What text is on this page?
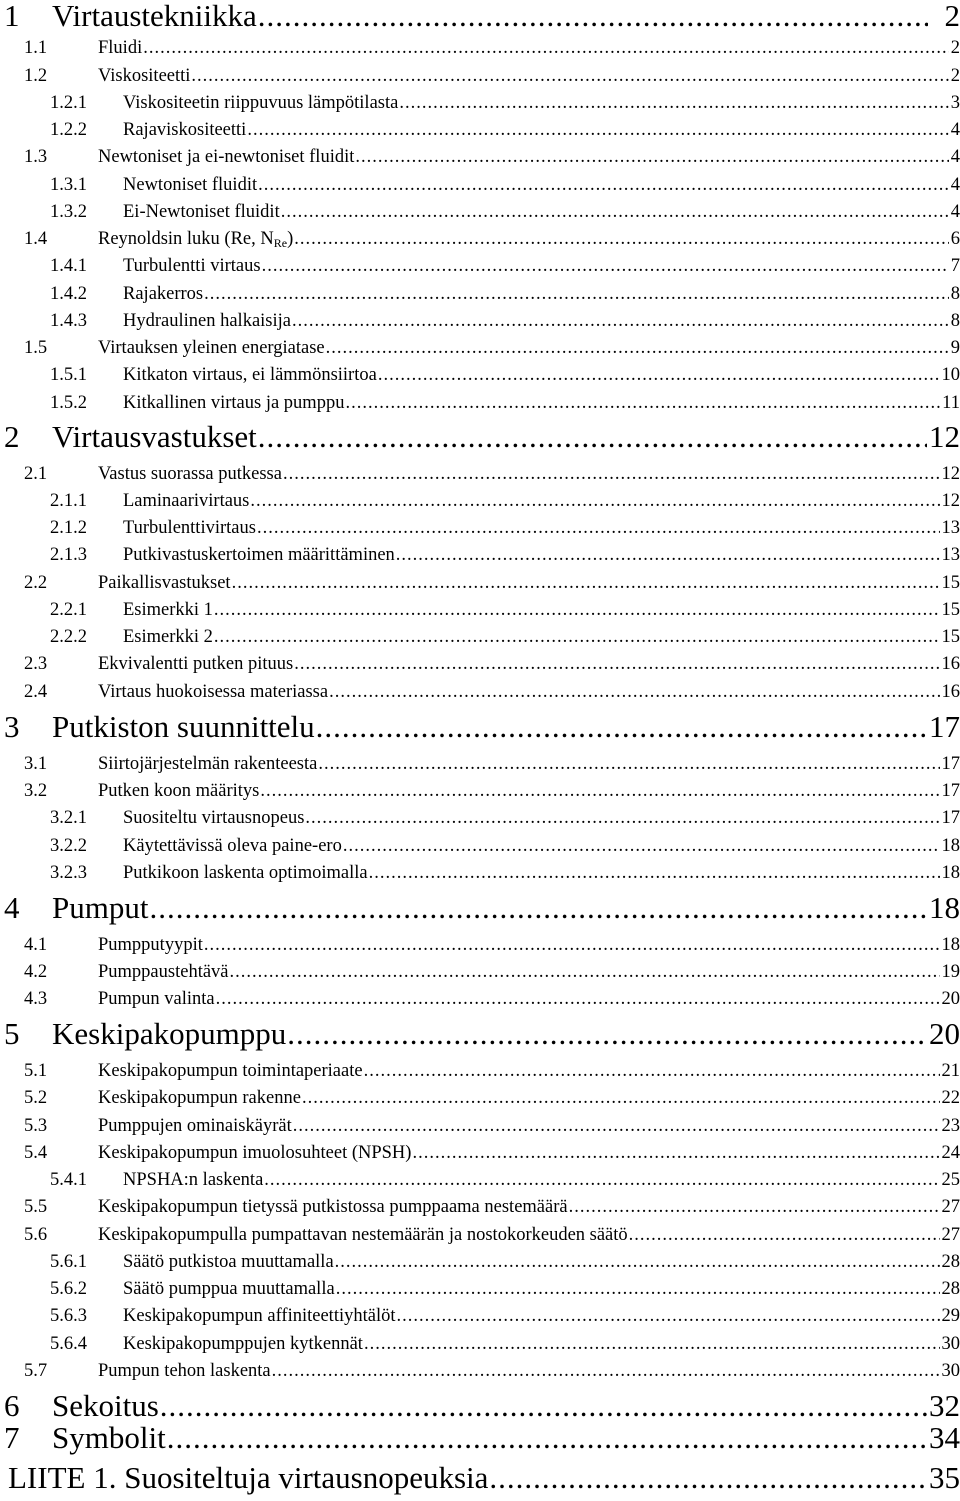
1	Virtaustekniikka .....	2
1.1	Fluidi .....	2
1.2	Viskositeetti .....	2
1.2.1	Viskositeetin riippuvuus lämpötilasta .....	3
1.2.2	Rajaviskositeetti .....	4
1.3	Newtoniset ja ei-newtoniset fluidit .....	4
1.3.1	Newtoniset fluidit .....	4
1.3.2	Ei-Newtoniset fluidit .....	4
1.4	Reynoldsin luku (Re, $N_{Re}$) .....	6
1.4.1	Turbulentti virtaus .....	7
1.4.2	Rajakerros .....	8
1.4.3	Hydraulinen halkaisija .....	8
1.5	Virtauksen yleinen energiatase .....	9
1.5.1	Kitkaton virtaus, ei lämmönsiirtoa .....	10
1.5.2	Kitkallinen virtaus ja pumppu .....	11
2	Virtausvastukset .....	12
2.1	Vastus suorassa putkessa .....	12
2.1.1	Laminaarivirtaus .....	12
2.1.2	Turbulenttivirtaus .....	13
2.1.3	Putkivastuskertoimen määrittäminen .....	13
2.2	Paikallisvastukset .....	15
2.2.1	Esimerkki 1 .....	15
2.2.2	Esimerkki 2 .....	15
2.3	Ekvivalentti putken pituus .....	16
2.4	Virtaus huokoisessa materiassa .....	16
3	Putkiston suunnittelu .....	17
3.1	Siirtojärjestelmän rakenteesta .....	17
3.2	Putken koon määritys .....	17
3.2.1	Suositeltu virtausnopeus .....	17
3.2.2	Käytettävissä oleva paine-ero .....	18
3.2.3	Putkikoon laskenta optimoimalla .....	18
4	Pumput .....	18
4.1	Pumpputyypit .....	18
4.2	Pumppaustehtävä .....	19
4.3	Pumpun valinta .....	20
5	Keskipakopumppu .....	20
5.1	Keskipakopumpun toimintaperiaate .....	21
5.2	Keskipakopumpun rakenne .....	22
5.3	Pumppujen ominaiskäyrät .....	23
5.4	Keskipakopumpun imuolosuhteet (NPSH) .....	24
5.4.1	NPSHA:n laskenta .....	25
5.5	Keskipakopumpun tietyssä putkistossa pumppaama nestemäärä .....	27
5.6	Keskipakopumpulla pumpattavan nestemäärän ja nostokorkeuden säätö .....	27
5.6.1	Säätö putkistoa muuttamalla .....	28
5.6.2	Säätö pumppua muuttamalla .....	28
5.6.3	Keskipakopumpun affiniteettiyhtälöt .....	29
5.6.4	Keskipakopumppujen kytkennät .....	30
5.7	Pumpun tehon laskenta .....	30
6	Sekoitus .....	32
7	Symbolit .....	34
LIITE 1. Suositeltuja virtausnopeuksia .....	35
